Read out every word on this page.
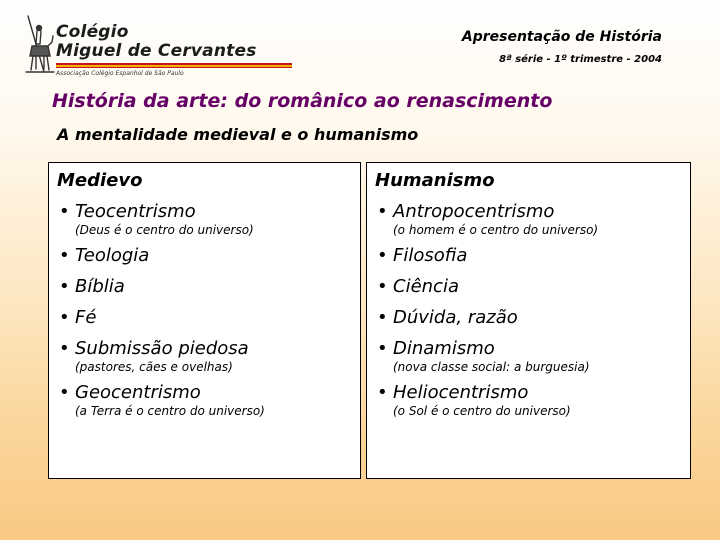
Colégio
Miguel de Cervantes
Associação Colégio Espanhol de São Paulo
Apresentação de História
8ª série - 1º trimestre - 2004
História da arte: do românico ao renascimento
A mentalidade medieval e o humanismo
Medievo
• Teocentrismo
(Deus é o centro do universo)
• Teologia
• Bíblia
• Fé
• Submissão piedosa
(pastores, cães e ovelhas)
• Geocentrismo
(a Terra é o centro do universo)
Humanismo
• Antropocentrismo
(o homem é o centro do universo)
• Filosofia
• Ciência
• Dúvida, razão
• Dinamismo
(nova classe social: a burguesia)
• Heliocentrismo
(o Sol é o centro do universo)
